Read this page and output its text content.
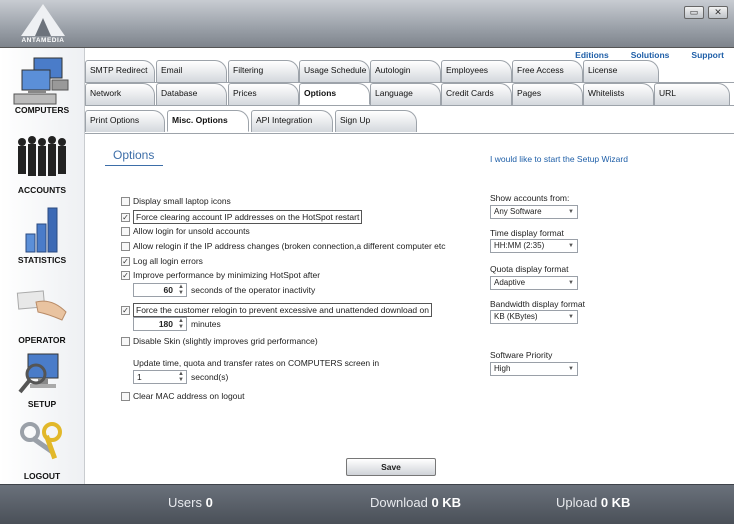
ANTAMEDIA
▭	✕
COMPUTERS
ACCOUNTS
STATISTICS
OPERATOR
SETUP
LOGOUT
Editions	Solutions	Support
SMTP Redirect	Email	Filtering	Usage Schedule	Autologin	Employees	Free Access	License
Network	Database	Prices	Options	Language	Credit Cards	Pages	Whitelists	URL
Print Options	Misc. Options	API Integration	Sign Up
Options	I would like to start the Setup Wizard
Display small laptop icons
✓ Force clearing account IP addresses on the HotSpot restart
Allow login for unsold accounts
Allow relogin if the IP address changes (broken connection,a different computer etc
✓ Log all login errors
✓ Improve performance by minimizing HotSpot after
60 ▲
▼ seconds of the operator inactivity
✓ Force the customer relogin to prevent excessive and unattended download on
180 ▲
▼ minutes
Disable Skin (slightly improves grid performance)
Update time, quota and transfer rates on COMPUTERS screen in
1	▲
▼ second(s)
Clear MAC address on logout
Show accounts from:
Any Software	▼
Time display format
HH:MM (2:35)	▼
Quota display format
Adaptive	▼
Bandwidth display format
KB (KBytes)	▼
Software Priority
High	▼
Save
Users 0	Download 0 KB	Upload 0 KB
